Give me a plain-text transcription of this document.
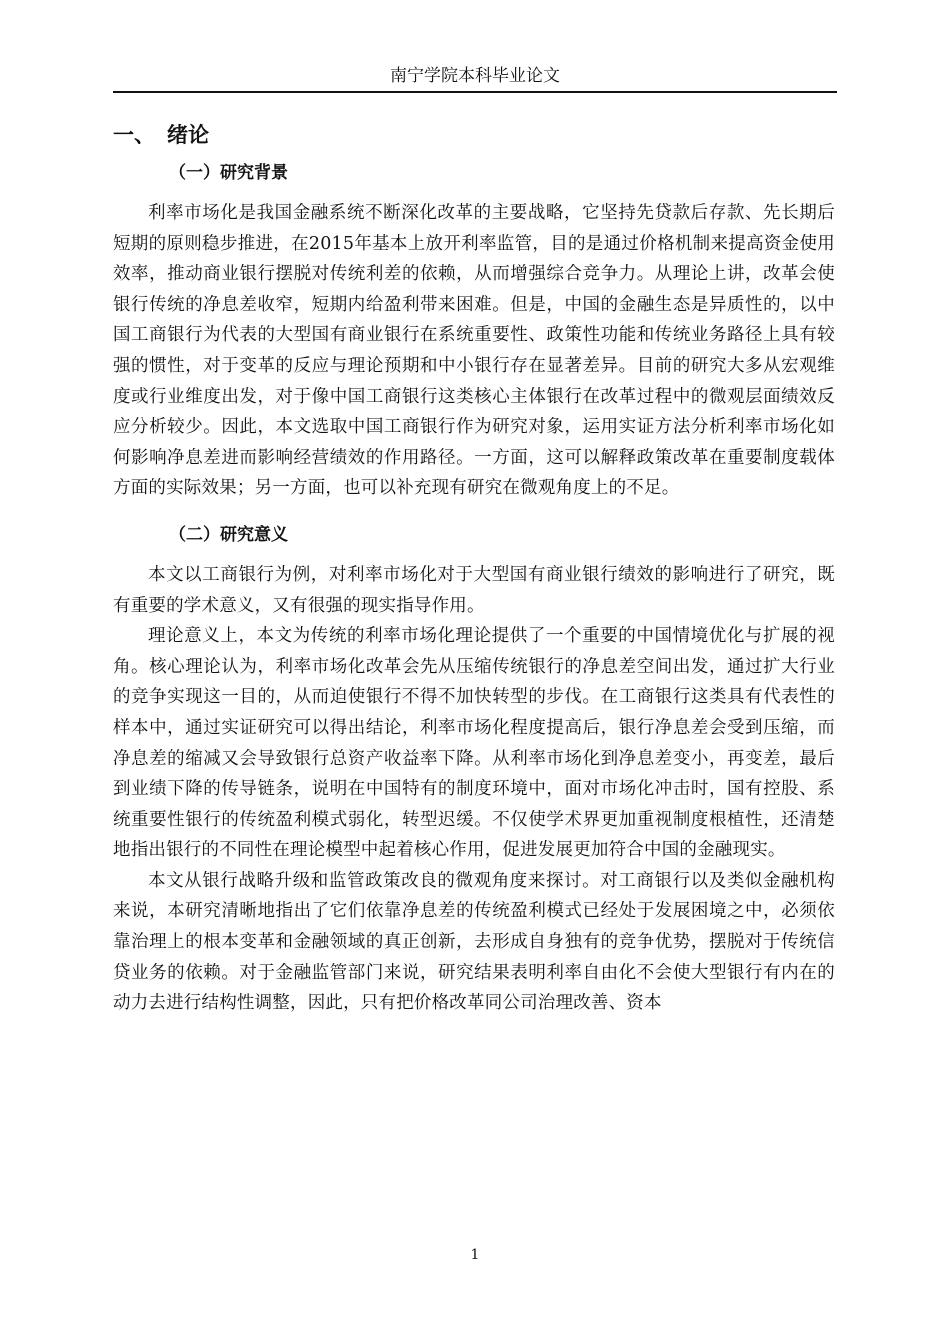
南宁学院本科毕业论文
一、 绪论
（一）研究背景

利率市场化是我国金融系统不断深化改革的主要战略，它坚持先贷款后存款、先长期后短期的原则稳步推进，在2015年基本上放开利率监管，目的是通过价格机制来提高资金使用效率，推动商业银行摆脱对传统利差的依赖，从而增强综合竞争力。从理论上讲，改革会使银行传统的净息差收窄，短期内给盈利带来困难。但是，中国的金融生态是异质性的，以中国工商银行为代表的大型国有商业银行在系统重要性、政策性功能和传统业务路径上具有较强的惯性，对于变革的反应与理论预期和中小银行存在显著差异。目前的研究大多从宏观维度或行业维度出发，对于像中国工商银行这类核心主体银行在改革过程中的微观层面绩效反应分析较少。因此，本文选取中国工商银行作为研究对象，运用实证方法分析利率市场化如何影响净息差进而影响经营绩效的作用路径。一方面，这可以解释政策改革在重要制度载体方面的实际效果；另一方面，也可以补充现有研究在微观角度上的不足。

（二）研究意义

本文以工商银行为例，对利率市场化对于大型国有商业银行绩效的影响进行了研究，既有重要的学术意义，又有很强的现实指导作用。

理论意义上，本文为传统的利率市场化理论提供了一个重要的中国情境优化与扩展的视角。核心理论认为，利率市场化改革会先从压缩传统银行的净息差空间出发，通过扩大行业的竞争实现这一目的，从而迫使银行不得不加快转型的步伐。在工商银行这类具有代表性的样本中，通过实证研究可以得出结论，利率市场化程度提高后，银行净息差会受到压缩，而净息差的缩减又会导致银行总资产收益率下降。从利率市场化到净息差变小，再变差，最后到业绩下降的传导链条，说明在中国特有的制度环境中，面对市场化冲击时，国有控股、系统重要性银行的传统盈利模式弱化，转型迟缓。不仅使学术界更加重视制度根植性，还清楚地指出银行的不同性在理论模型中起着核心作用，促进发展更加符合中国的金融现实。

本文从银行战略升级和监管政策改良的微观角度来探讨。对工商银行以及类似金融机构来说，本研究清晰地指出了它们依靠净息差的传统盈利模式已经处于发展困境之中，必须依靠治理上的根本变革和金融领域的真正创新，去形成自身独有的竞争优势，摆脱对于传统信贷业务的依赖。对于金融监管部门来说，研究结果表明利率自由化不会使大型银行有内在的动力去进行结构性调整，因此，只有把价格改革同公司治理改善、资本

1
